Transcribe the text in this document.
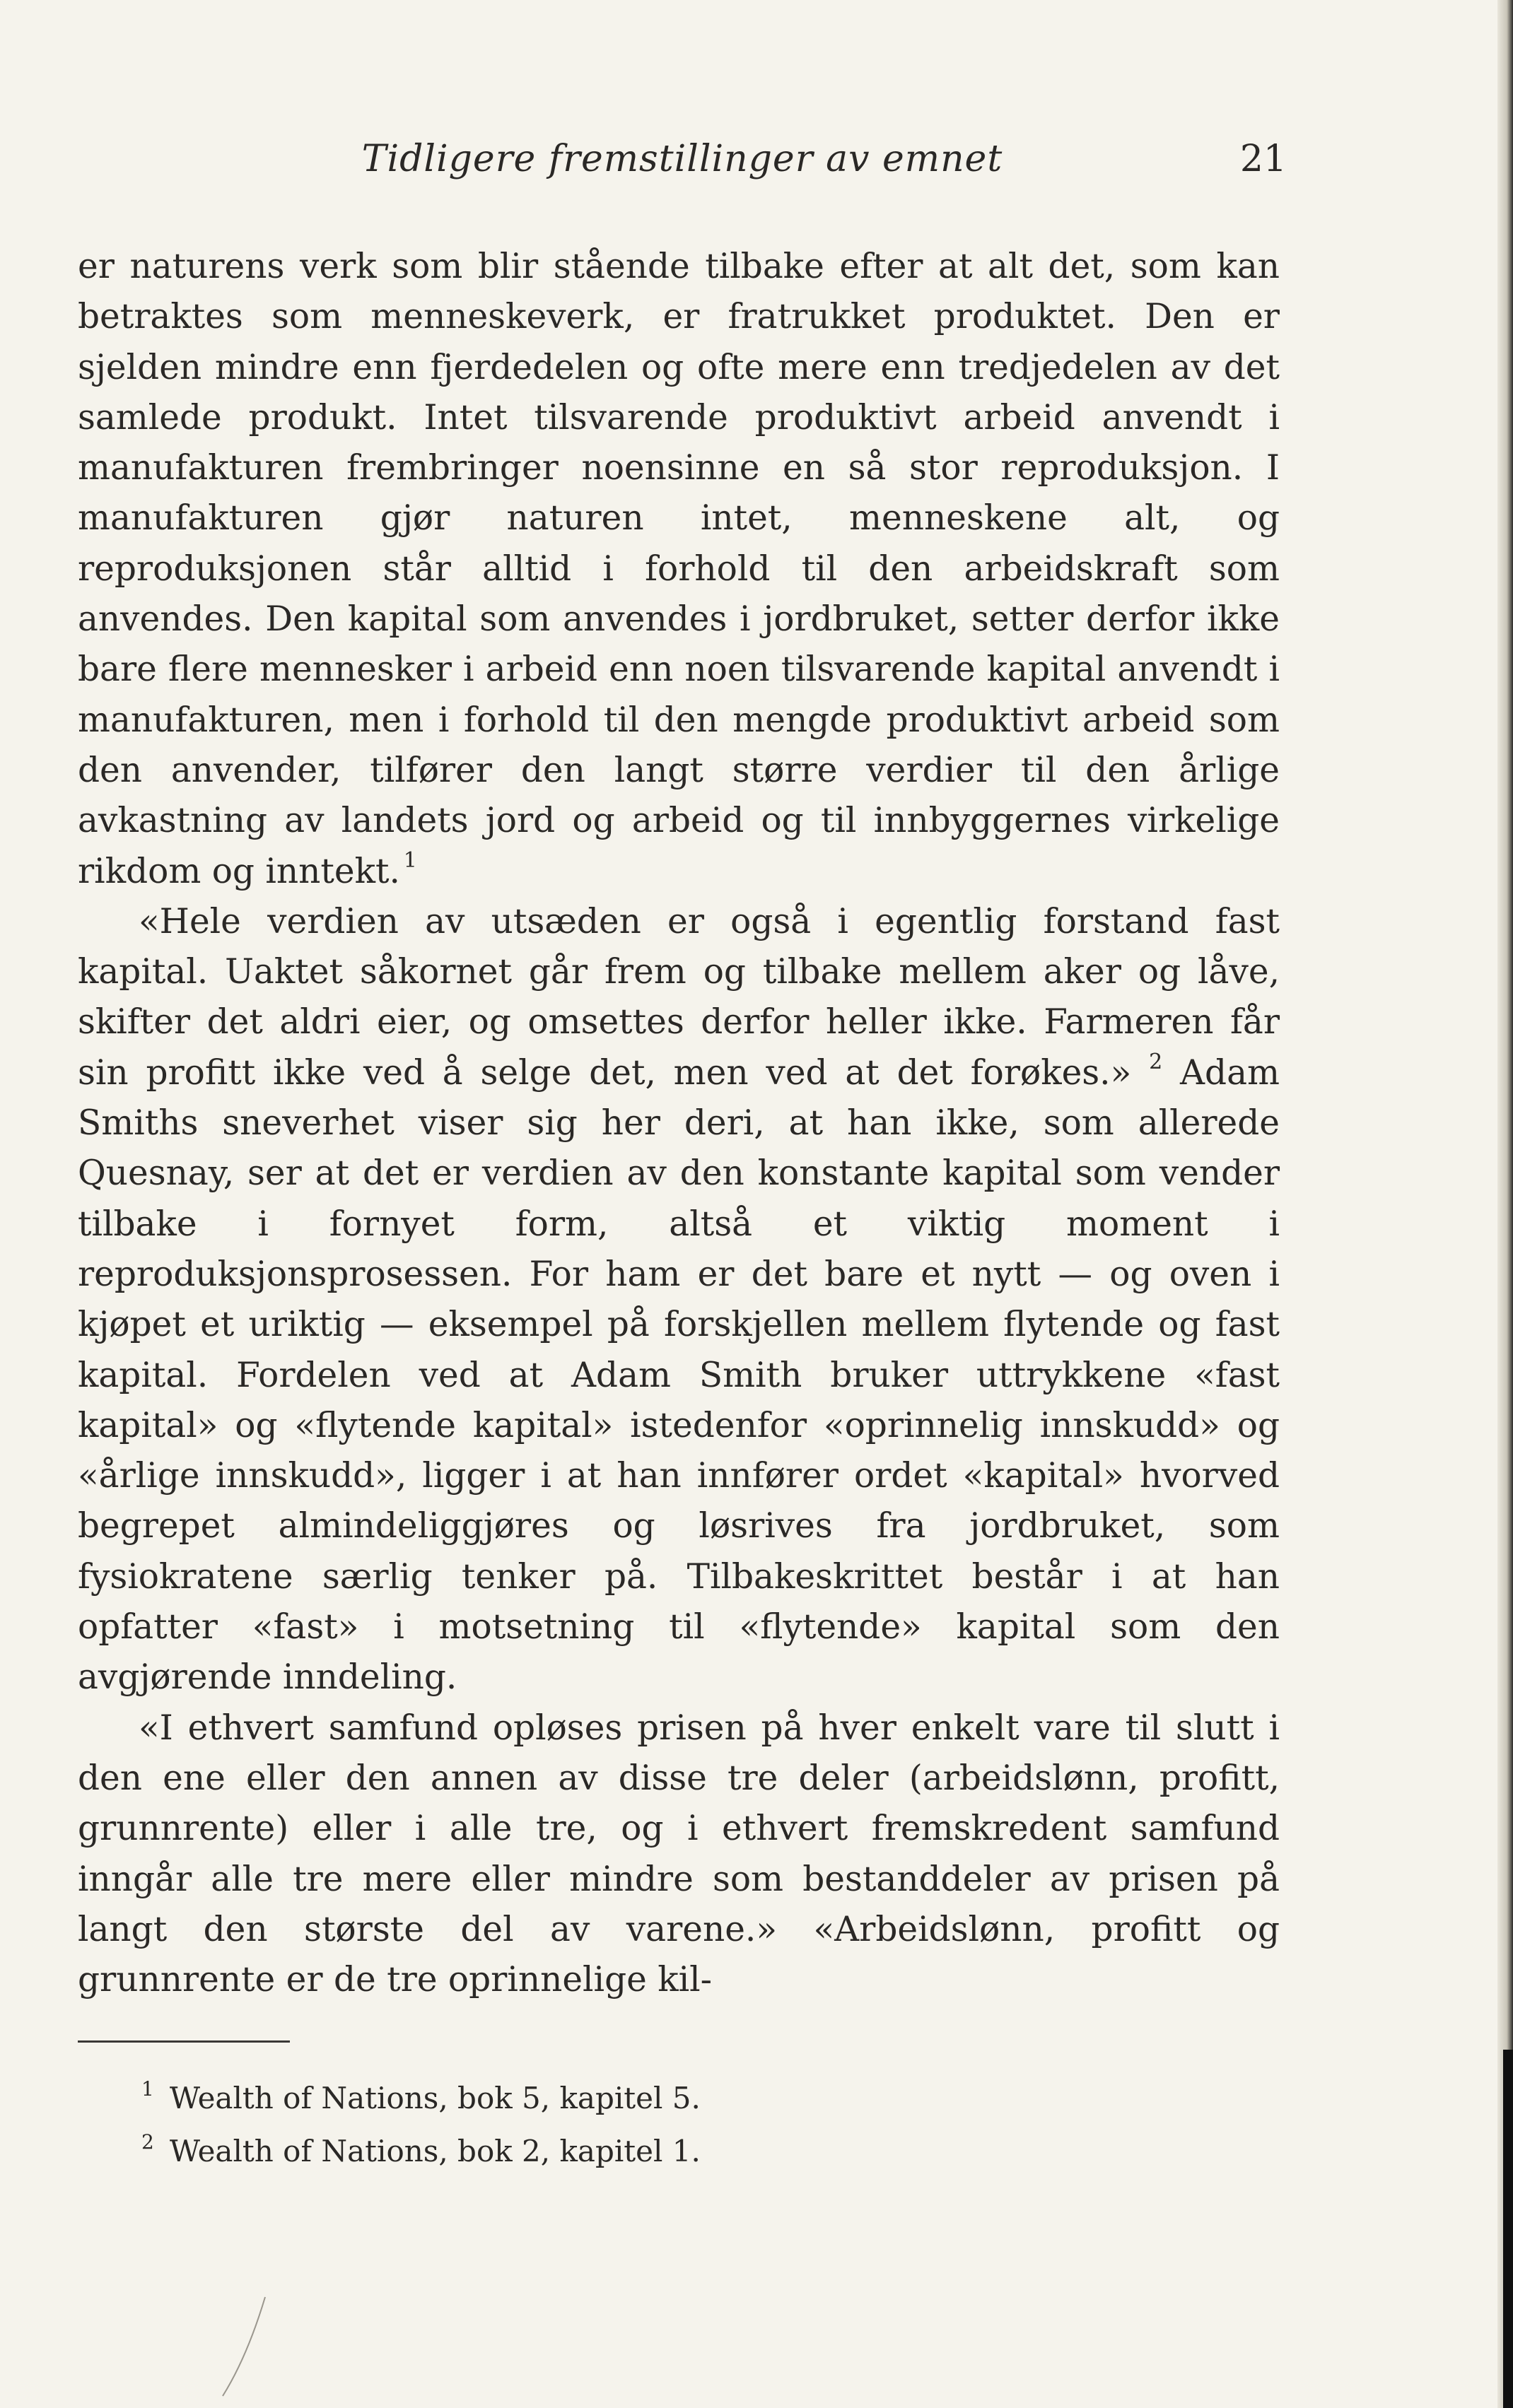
Tidligere fremstillinger av emnet	21

er naturens verk som blir stående tilbake efter at alt det, som kan betraktes som menneskeverk, er fratrukket produktet. Den er sjelden mindre enn fjerdedelen og ofte mere enn tredjedelen av det samlede produkt. Intet tilsvarende produktivt arbeid anvendt i manufakturen frembringer noensinne en så stor reproduksjon. I manufakturen gjør naturen intet, menneskene alt, og reproduksjonen står alltid i forhold til den arbeidskraft som anvendes. Den kapital som anvendes i jordbruket, setter derfor ikke bare flere mennesker i arbeid enn noen tilsvarende kapital anvendt i manufakturen, men i forhold til den mengde produktivt arbeid som den anvender, tilfører den langt større verdier til den årlige avkastning av landets jord og arbeid og til innbyggernes virkelige rikdom og inntekt.  $^1$

«Hele verdien av utsæden er også i egentlig forstand fast kapital. Uaktet såkornet går frem og tilbake mellem aker og låve, skifter det aldri eier, og omsettes derfor heller ikke. Farmeren får sin profitt ikke ved å selge det, men ved at det forøkes.» $^2$ Adam Smiths sneverhet viser sig her deri, at han ikke, som allerede Quesnay, ser at det er verdien av den konstante kapital som vender tilbake i fornyet form, altså et viktig moment i reproduksjonsprosessen. For ham er det bare et nytt — og oven i kjøpet et uriktig — eksempel på forskjellen mellem flytende og fast kapital. Fordelen ved at Adam Smith bruker uttrykkene «fast kapital» og «flytende kapital» istedenfor «oprinnelig innskudd» og «årlige innskudd», ligger i at han innfører ordet «kapital» hvorved begrepet almindeliggjøres og løsrives fra jordbruket, som fysiokratene særlig tenker på. Tilbakeskrittet består i at han opfatter «fast» i motsetning til «flytende» kapital som den avgjørende inndeling.

«I ethvert samfund opløses prisen på hver enkelt vare til slutt i den ene eller den annen av disse tre deler (arbeidslønn, profitt, grunnrente) eller i alle tre, og i ethvert fremskredent samfund inngår alle tre mere eller mindre som bestanddeler av prisen på langt den største del av varene.» «Arbeidslønn, profitt og grunnrente er de tre oprinnelige kil-

$^1$ Wealth of Nations, bok 5, kapitel 5.

$^2$ Wealth of Nations, bok 2, kapitel 1.
